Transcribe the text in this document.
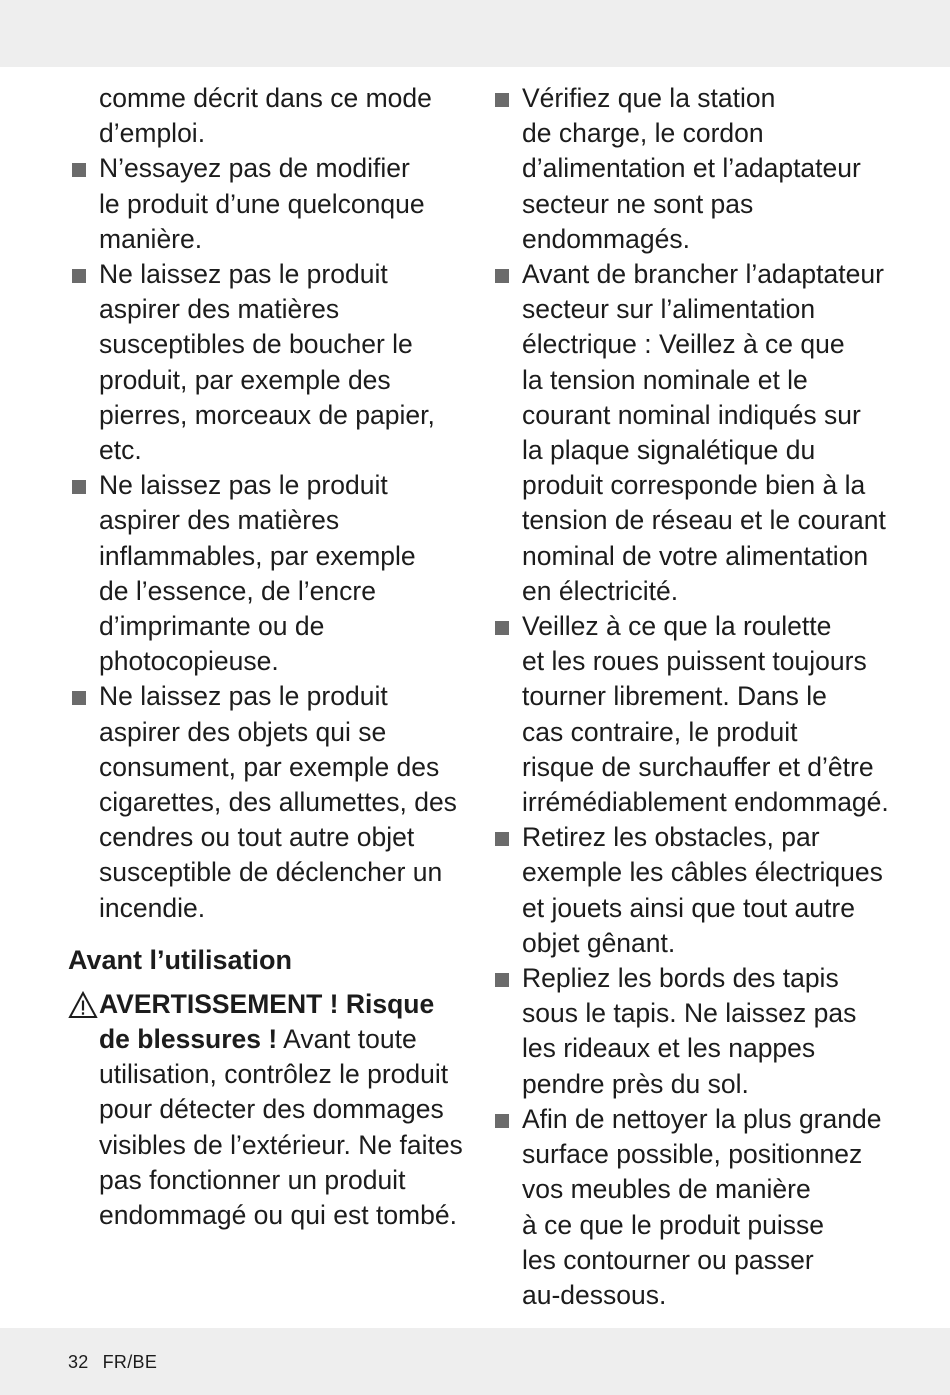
comme décrit dans ce mode
d’emploi.
N’essayez pas de modifier
le produit d’une quelconque
manière.
Ne laissez pas le produit
aspirer des matières
susceptibles de boucher le
produit, par exemple des
pierres, morceaux de papier,
etc.
Ne laissez pas le produit
aspirer des matières
inflammables, par exemple
de l’essence, de l’encre
d’imprimante ou de
photocopieuse.
Ne laissez pas le produit
aspirer des objets qui se
consument, par exemple des
cigarettes, des allumettes, des
cendres ou tout autre objet
susceptible de déclencher un
incendie.
Avant l’utilisation
AVERTISSEMENT ! Risque
de blessures ! Avant toute
utilisation, contrôlez le produit
pour détecter des dommages
visibles de l’extérieur. Ne faites
pas fonctionner un produit
endommagé ou qui est tombé.
Vérifiez que la station
de charge, le cordon
d’alimentation et l’adaptateur
secteur ne sont pas
endommagés.
Avant de brancher l’adaptateur
secteur sur l’alimentation
électrique : Veillez à ce que
la tension nominale et le
courant nominal indiqués sur
la plaque signalétique du
produit corresponde bien à la
tension de réseau et le courant
nominal de votre alimentation
en électricité.
Veillez à ce que la roulette
et les roues puissent toujours
tourner librement. Dans le
cas contraire, le produit
risque de surchauffer et d’être
irrémédiablement endommagé.
Retirez les obstacles, par
exemple les câbles électriques
et jouets ainsi que tout autre
objet gênant.
Repliez les bords des tapis
sous le tapis. Ne laissez pas
les rideaux et les nappes
pendre près du sol.
Afin de nettoyer la plus grande
surface possible, positionnez
vos meubles de manière
à ce que le produit puisse
les contourner ou passer
au-dessous.
32 FR/BE
